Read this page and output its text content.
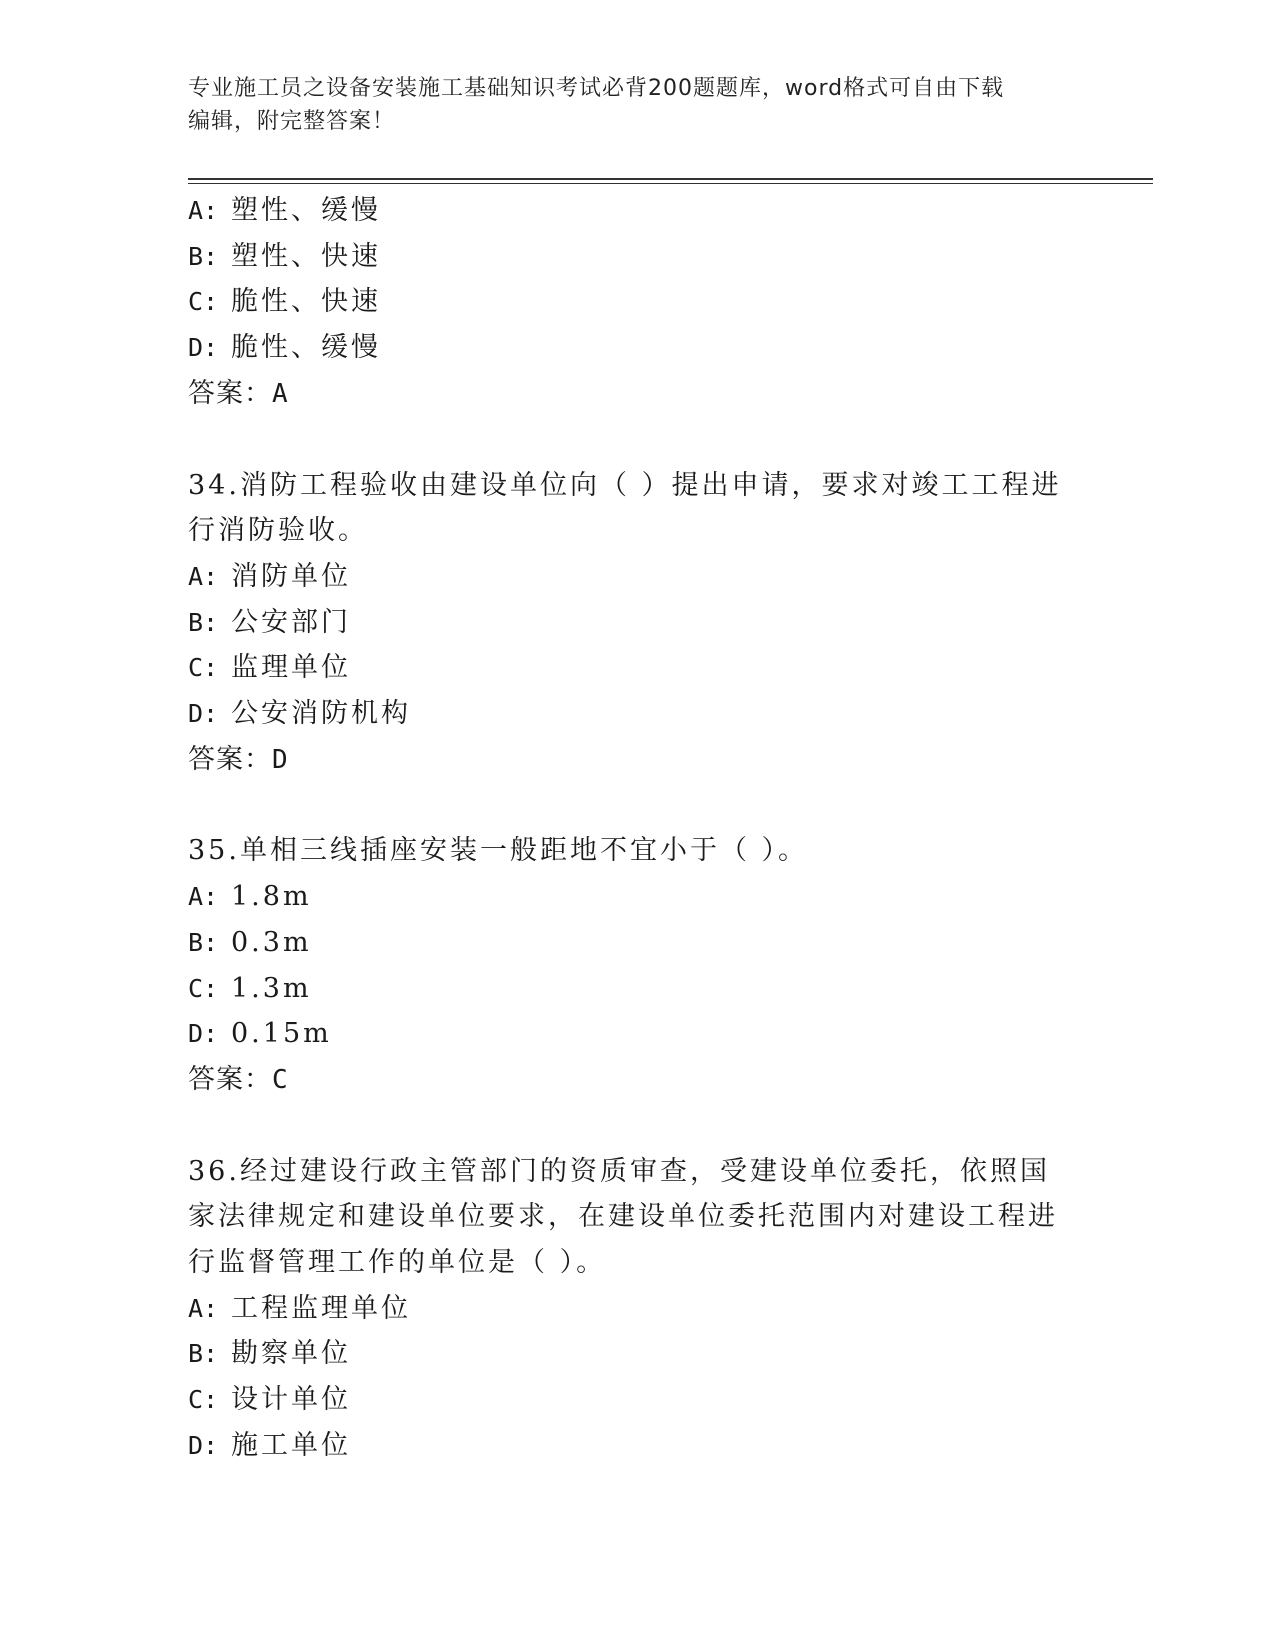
专业施工员之设备安装施工基础知识考试必背200题题库，word格式可自由下载
编辑，附完整答案！
A: 塑性、缓慢
B: 塑性、快速
C: 脆性、快速
D: 脆性、缓慢
答案：A
34.消防工程验收由建设单位向（ ）提出申请，要求对竣工工程进行消防验收。
A: 消防单位
B: 公安部门
C: 监理单位
D: 公安消防机构
答案：D
35.单相三线插座安装一般距地不宜小于（ ）。
A: 1.8m
B: 0.3m
C: 1.3m
D: 0.15m
答案：C
36.经过建设行政主管部门的资质审查，受建设单位委托，依照国家法律规定和建设单位要求，在建设单位委托范围内对建设工程进行监督管理工作的单位是（ ）。
A: 工程监理单位
B: 勘察单位
C: 设计单位
D: 施工单位
